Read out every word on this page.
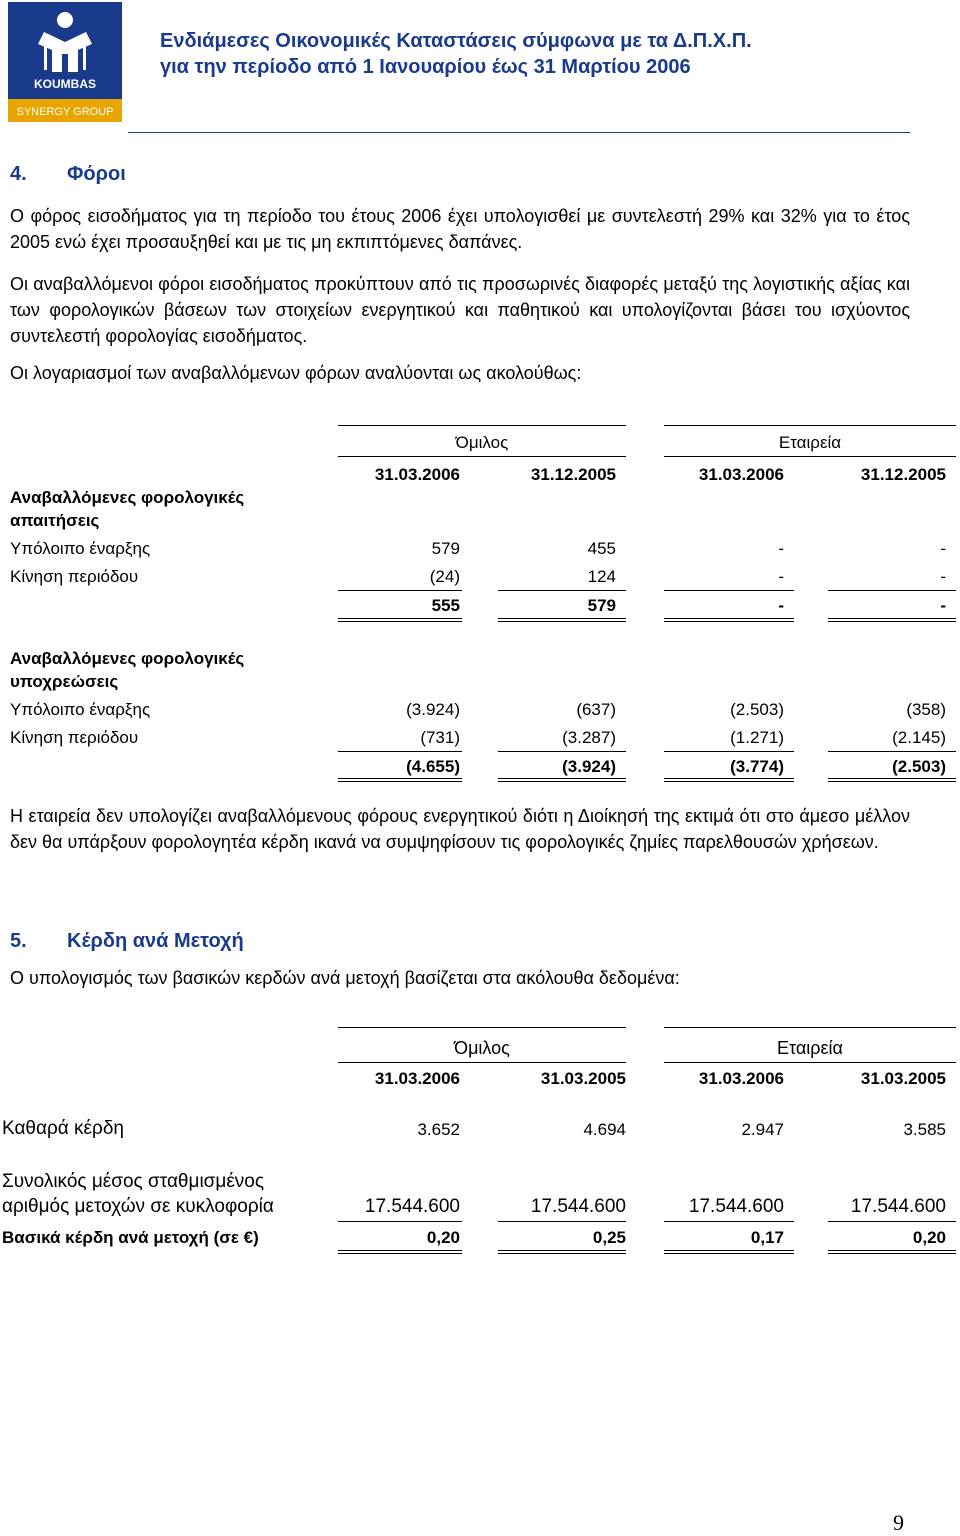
KOUMBAS
SYNERGY GROUP
Ενδιάμεσες Οικονομικές Καταστάσεις σύμφωνα με τα Δ.Π.Χ.Π.
για την περίοδο από 1 Ιανουαρίου έως 31 Μαρτίου 2006
4. Φόροι
Ο φόρος εισοδήματος για τη περίοδο του έτους 2006 έχει υπολογισθεί με συντελεστή 29% και 32% για το έτος 2005 ενώ έχει προσαυξηθεί και με τις μη εκπιπτόμενες δαπάνες.
Οι αναβαλλόμενοι φόροι εισοδήματος προκύπτουν από τις προσωρινές διαφορές μεταξύ της λογιστικής αξίας και των φορολογικών βάσεων των στοιχείων ενεργητικού και παθητικού και υπολογίζονται βάσει του ισχύοντος συντελεστή φορολογίας εισοδήματος.
Οι λογαριασμοί των αναβαλλόμενων φόρων αναλύονται ως ακολούθως:
Όμιλος	Εταιρεία
31.03.2006	31.12.2005	31.03.2006	31.12.2005
Αναβαλλόμενες φορολογικές
απαιτήσεις
Υπόλοιπο έναρξης	579	455	-	-
Κίνηση περιόδου	(24)	124	-	-
555	579	-	-
Αναβαλλόμενες φορολογικές
υποχρεώσεις
Υπόλοιπο έναρξης	(3.924)	(637)	(2.503)	(358)
Κίνηση περιόδου	(731)	(3.287)	(1.271)	(2.145)
(4.655)	(3.924)	(3.774)	(2.503)
Η εταιρεία δεν υπολογίζει αναβαλλόμενους φόρους ενεργητικού διότι η Διοίκησή της εκτιμά ότι στο άμεσο μέλλον δεν θα υπάρξουν φορολογητέα κέρδη ικανά να συμψηφίσουν τις φορολογικές ζημίες παρελθουσών χρήσεων.
5. Κέρδη ανά Μετοχή
Ο υπολογισμός των βασικών κερδών ανά μετοχή βασίζεται στα ακόλουθα δεδομένα:
Όμιλος	Εταιρεία
31.03.2006	31.03.2005	31.03.2006	31.03.2005
Καθαρά κέρδη	3.652	4.694	2.947	3.585
Συνολικός μέσος σταθμισμένος
αριθμός μετοχών σε κυκλοφορία	17.544.600	17.544.600	17.544.600	17.544.600
Βασικά κέρδη ανά μετοχή (σε €)	0,20	0,25	0,17	0,20
9
